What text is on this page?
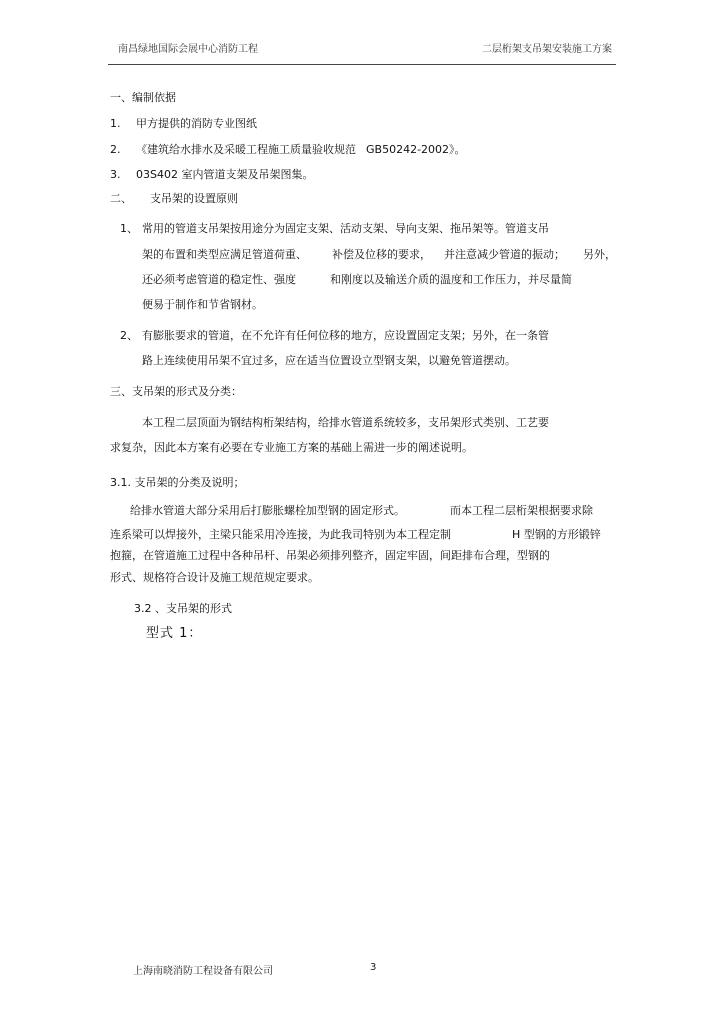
南昌绿地国际会展中心消防工程	二层桁架支吊架安装施工方案
一、编制依据
1. 甲方提供的消防专业图纸
2. 《建筑给水排水及采暖工程施工质量验收规范 GB50242-2002》。
3. 03S402 室内管道支架及吊架图集。
二、 支吊架的设置原则
1、 常用的管道支吊架按用途分为固定支架、活动支架、导向支架、拖吊架等。管道支吊
架的布置和类型应满足管道荷重、 补偿及位移的要求， 并注意减少管道的振动； 另外，
还必须考虑管道的稳定性、强度	和刚度以及输送介质的温度和工作压力，并尽量简
便易于制作和节省钢材。
2、 有膨胀要求的管道，在不允许有任何位移的地方，应设置固定支架；另外，在一条管
路上连续使用吊架不宜过多，应在适当位置设立型钢支架，以避免管道摆动。
三、支吊架的形式及分类：
本工程二层顶面为钢结构桁架结构，给排水管道系统较多，支吊架形式类别、工艺要
求复杂，因此本方案有必要在专业施工方案的基础上需进一步的阐述说明。
3.1. 支吊架的分类及说明；
给排水管道大部分采用后打膨胀螺栓加型钢的固定形式。	而本工程二层桁架根据要求除
连系梁可以焊接外，主梁只能采用冷连接，为此我司特别为本工程定制	H 型钢的方形锻锌
抱箍，在管道施工过程中各种吊杆、吊架必须排列整齐，固定牢固，间距排布合理，型钢的
形式、规格符合设计及施工规范规定要求。
3.2 、支吊架的形式
型式 1：
上海南晓消防工程设备有限公司	3
